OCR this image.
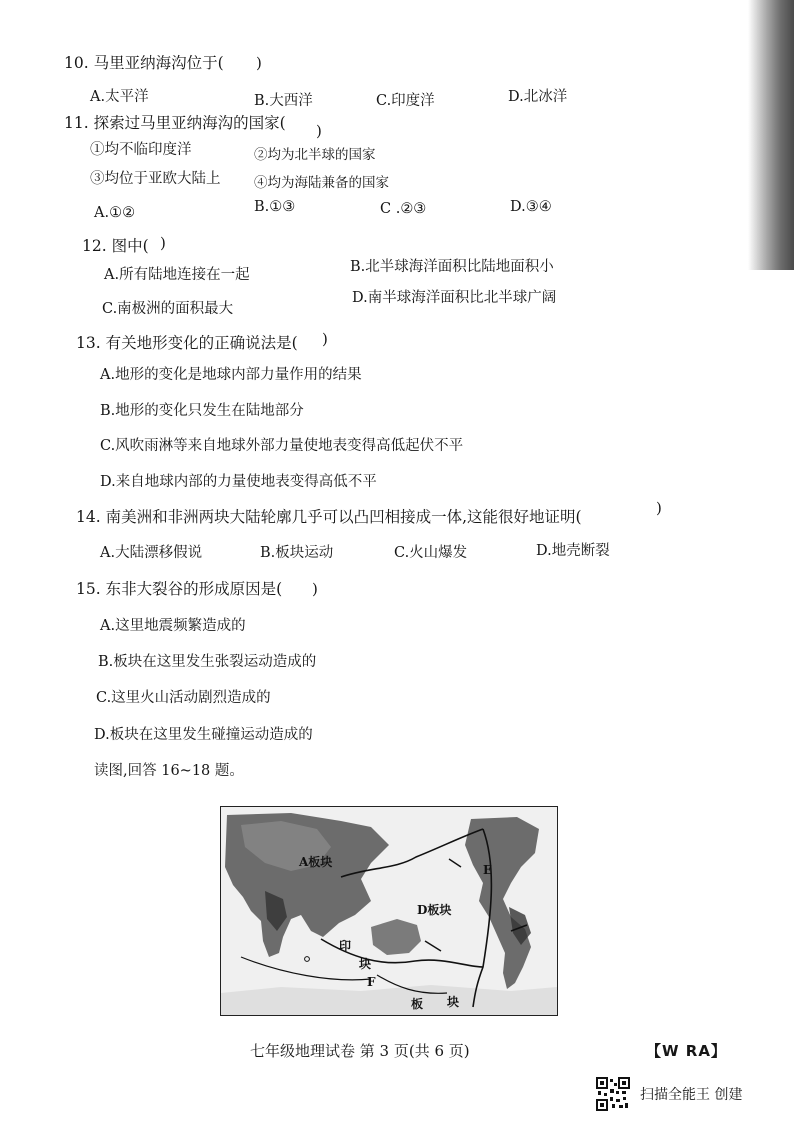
10. 马里亚纳海沟位于( )
A.太平洋	B.大西洋	C.印度洋	D.北冰洋
11. 探索过马里亚纳海沟的国家( )
①均不临印度洋	②均为北半球的国家
③均位于亚欧大陆上 ④均为海陆兼备的国家
A.①②	B.①③	C .②③	D.③④
12. 图中( )
A.所有陆地连接在一起	B.北半球海洋面积比陆地面积小
C.南极洲的面积最大
D.南半球海洋面积比北半球广阔
13. 有关地形变化的正确说法是( )
A.地形的变化是地球内部力量作用的结果
B.地形的变化只发生在陆地部分
C.风吹雨淋等来自地球外部力量使地表变得高低起伏不平
D.来自地球内部的力量使地表变得高低不平
14. 南美洲和非洲两块大陆轮廓几乎可以凸凹相接成一体,这能很好地证明(	)
A.大陆漂移假说	B.板块运动	C.火山爆发	D.地壳断裂
15. 东非大裂谷的形成原因是( )
A.这里地震频繁造成的
B.板块在这里发生张裂运动造成的
C.这里火山活动剧烈造成的
D.板块在这里发生碰撞运动造成的
读图,回答 16~18 题。
A板块
D板块
E
印
块
F
板 块
七年级地理试卷 第 3 页(共 6 页)	【W RA】
扫描全能王 创建
